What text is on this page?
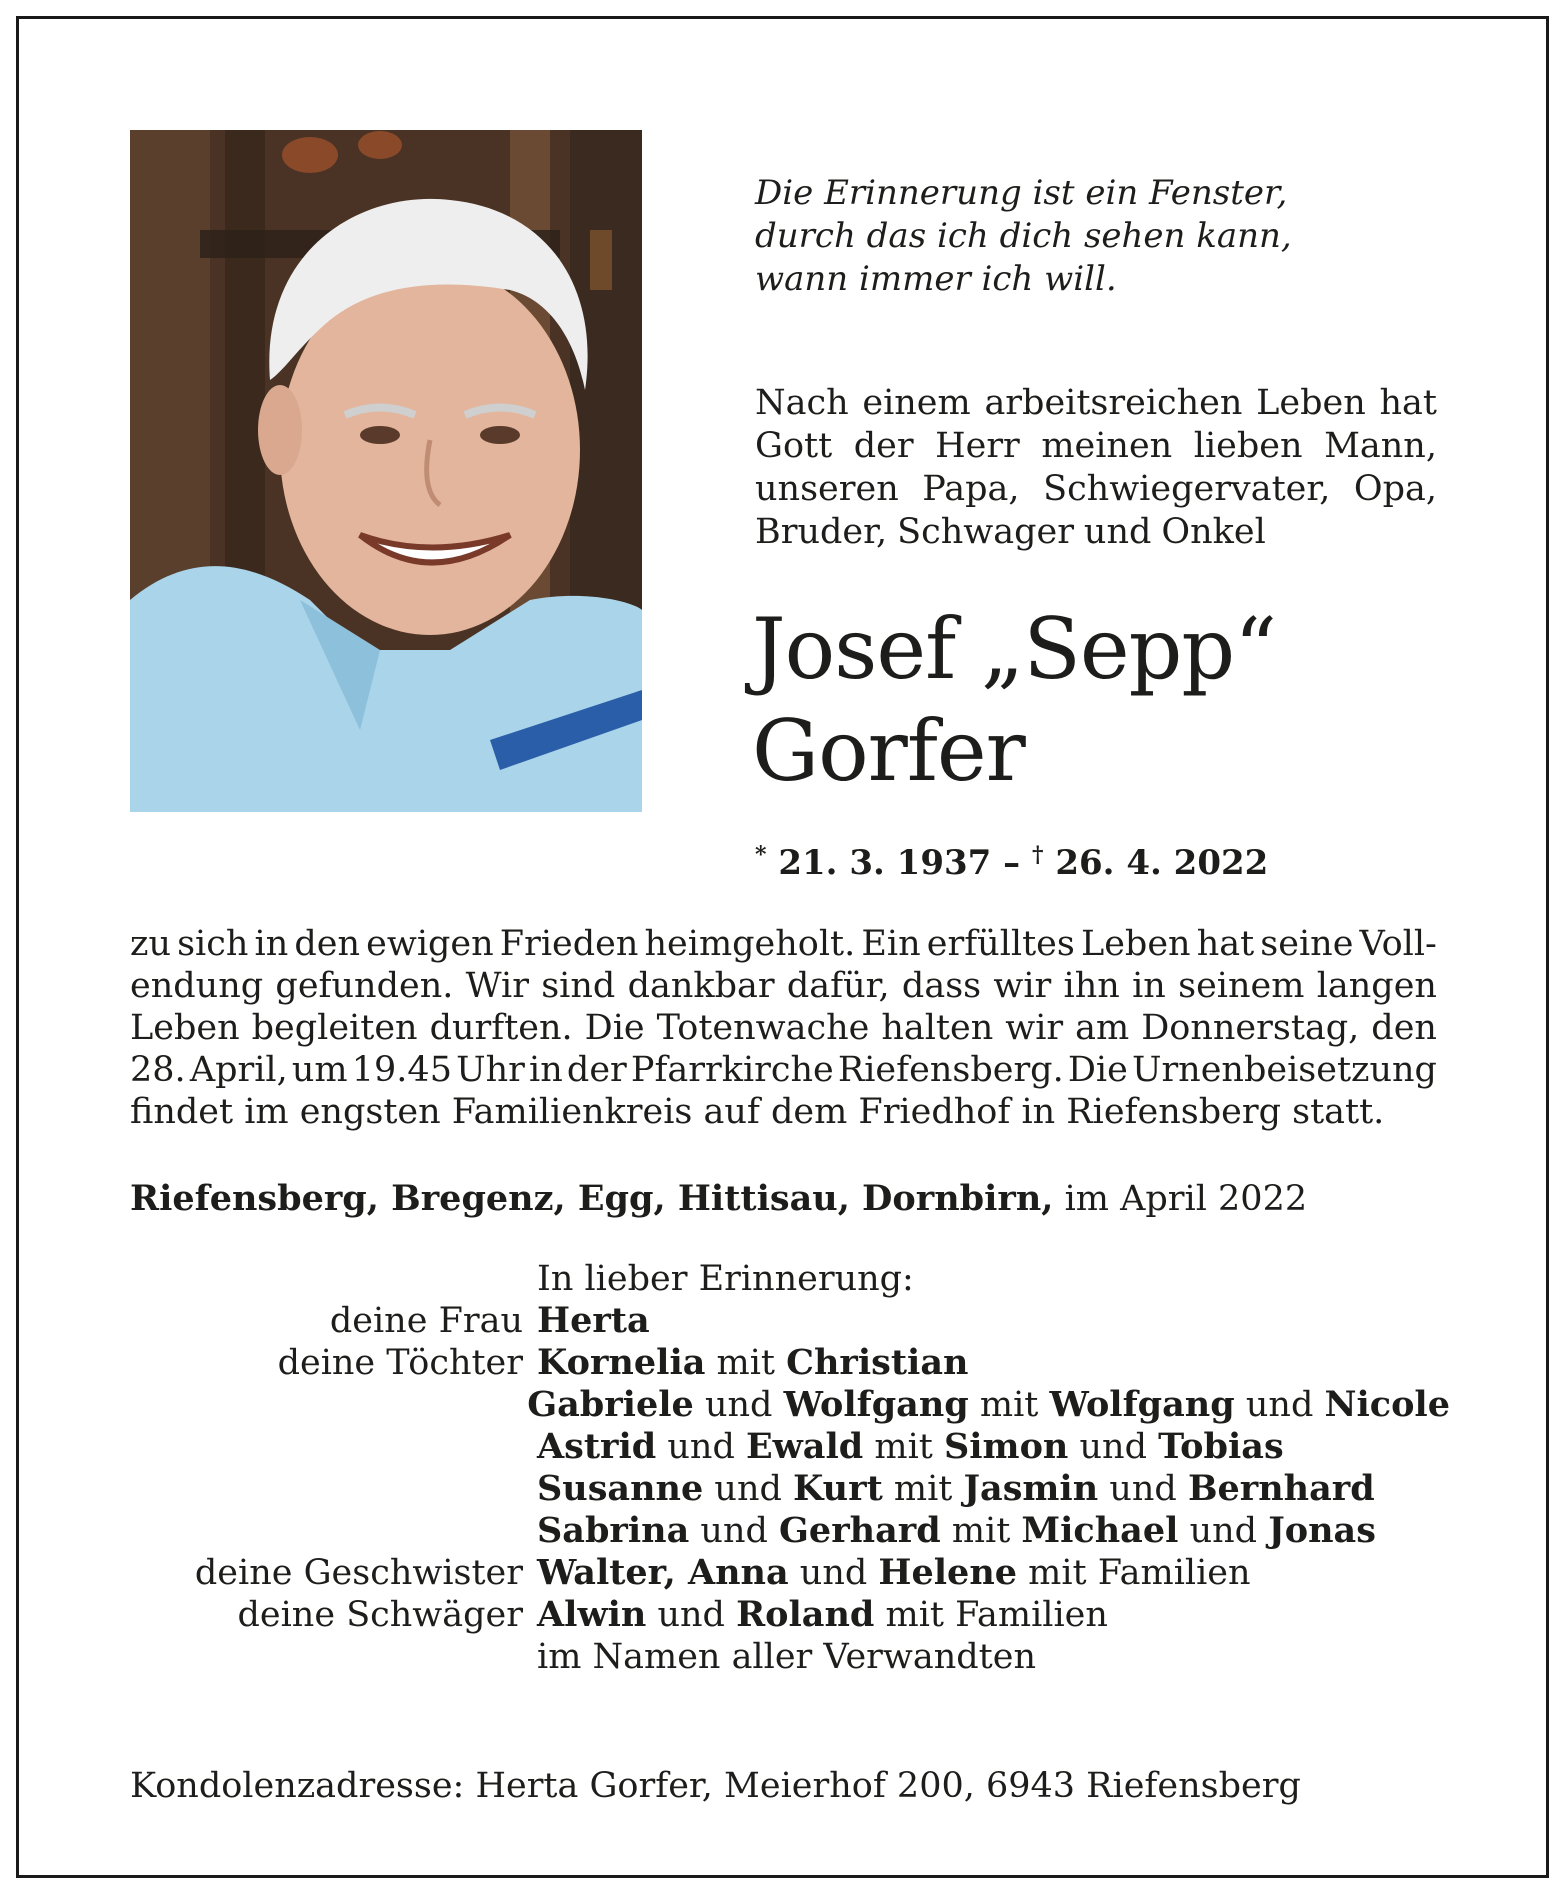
Die Erinnerung ist ein Fenster,
durch das ich dich sehen kann,
wann immer ich will.
Nach einem arbeitsreichen Leben hat
Gott der Herr meinen lieben Mann,
unseren Papa, Schwiegervater, Opa,
Bruder, Schwager und Onkel
Josef „Sepp“
Gorfer
* 21. 3. 1937 – † 26. 4. 2022
zu sich in den ewigen Frieden heimgeholt. Ein erfülltes Leben hat seine Voll-
endung gefunden. Wir sind dankbar dafür, dass wir ihn in seinem langen
Leben begleiten durften. Die Totenwache halten wir am Donnerstag, den
28. April, um 19.45 Uhr in der Pfarrkirche Riefensberg. Die Urnenbeisetzung
findet im engsten Familienkreis auf dem Friedhof in Riefensberg statt.
Riefensberg, Bregenz, Egg, Hittisau, Dornbirn, im April 2022
In lieber Erinnerung:
deine Frau Herta
deine Töchter Kornelia mit Christian
Gabriele und Wolfgang mit Wolfgang und Nicole
Astrid und Ewald mit Simon und Tobias
Susanne und Kurt mit Jasmin und Bernhard
Sabrina und Gerhard mit Michael und Jonas
deine Geschwister Walter, Anna und Helene mit Familien
deine Schwäger Alwin und Roland mit Familien
im Namen aller Verwandten
Kondolenzadresse: Herta Gorfer, Meierhof 200, 6943 Riefensberg
